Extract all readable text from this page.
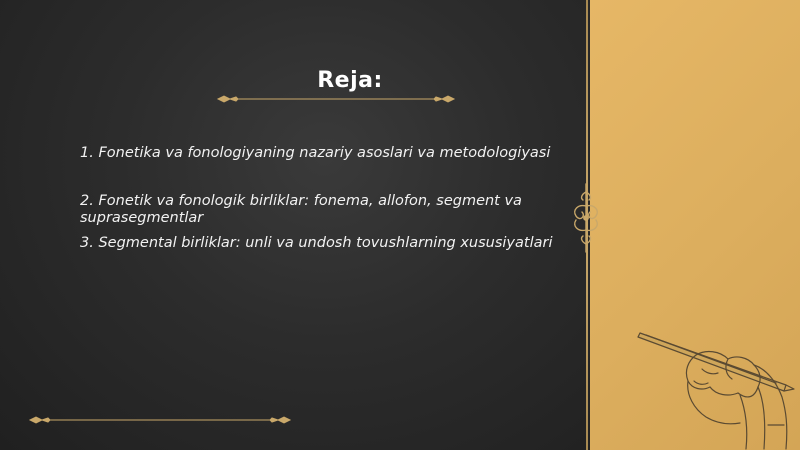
Reja:
1. Fonetika va fonologiyaning nazariy asoslari va metodologiyasi
2. Fonetik va fonologik birliklar: fonema, allofon, segment va suprasegmentlar
3. Segmental birliklar: unli va undosh tovushlarning xususiyatlari
